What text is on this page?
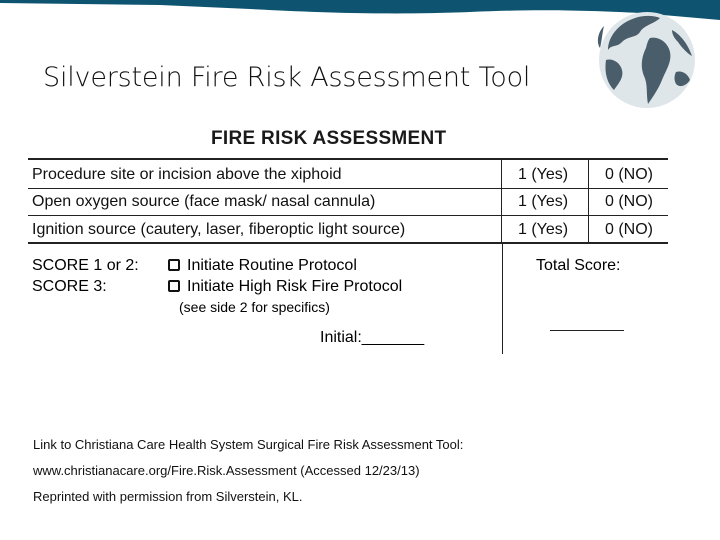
Silverstein Fire Risk Assessment Tool
FIRE RISK ASSESSMENT
Procedure site or incision above the xiphoid	1 (Yes) 0 (NO)
Open oxygen source (face mask/ nasal cannula)	1 (Yes) 0 (NO)
Ignition source (cautery, laser, fiberoptic light source)	1 (Yes) 0 (NO)
SCORE 1 or 2:
SCORE 3:
Initiate Routine Protocol
Initiate High Risk Fire Protocol
(see side 2 for specifics)
Initial:_______
Total Score:
Link to Christiana Care Health System Surgical Fire Risk Assessment Tool:
www.christianacare.org/Fire.Risk.Assessment (Accessed 12/23/13)
Reprinted with permission from Silverstein, KL.
